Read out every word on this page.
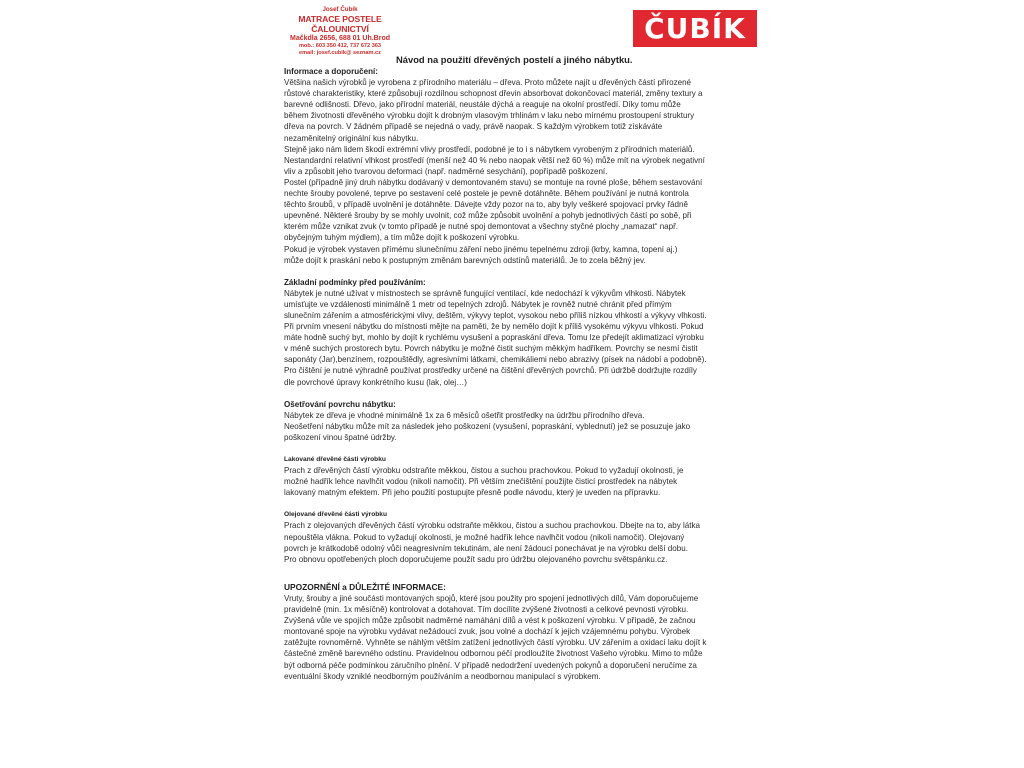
Josef Čubík
MATRACE POSTELE ČALOUNICTVÍ
Mačkdla 2656, 688 01 Uh.Brod
mob.: 603 350 412, 737 672 363
email: josef.cubik@ seznam.cz
ČUBÍK
Návod na použití dřevěných postelí a jiného nábytku.
Informace a doporučení:
Většina našich výrobků je vyrobena z přírodního materiálu – dřeva. Proto můžete najít u dřevěných částí přirozené
růstové charakteristiky, které způsobují rozdílnou schopnost dřevin absorbovat dokončovací materiál, změny textury a
barevné odlišnosti. Dřevo, jako přírodní materiál, neustále dýchá a reaguje na okolní prostředí. Díky tomu může
během životnosti dřevěného výrobku dojít k drobným vlasovým trhlinám v laku nebo mírnému prostoupení struktury
dřeva na povrch. V žádném případě se nejedná o vady, právě naopak. S každým výrobkem totiž získáváte
nezaměnitelný originální kus nábytku.
Stejně jako nám lidem škodí extrémní vlivy prostředí, podobné je to i s nábytkem vyrobeným z přírodních materiálů.
Nestandardní relativní vlhkost prostředí (menší než 40 % nebo naopak větší než 60 %) může mít na výrobek negativní
vliv a způsobit jeho tvarovou deformaci (např. nadměrné sesychání), popřípadě poškození.
Postel (případně jiný druh nábytku dodávaný v demontovaném stavu) se montuje na rovné ploše, během sestavování
nechte šrouby povolené, teprve po sestavení celé postele je pevně dotáhněte. Během používání je nutná kontrola
těchto šroubů, v případě uvolnění je dotáhněte. Dávejte vždy pozor na to, aby byly veškeré spojovací prvky řádně
upevněné. Některé šrouby by se mohly uvolnit, což může způsobit uvolnění a pohyb jednotlivých částí po sobě, při
kterém může vznikat zvuk (v tomto případě je nutné spoj demontovat a všechny styčné plochy „namazat“ např.
obyčejným tuhým mýdlem), a tím může dojít k poškození výrobku.
Pokud je výrobek vystaven přímému slunečnímu záření nebo jinému tepelnému zdroji (krby, kamna, topení aj.)
může dojít k praskání nebo k postupným změnám barevných odstínů materiálů. Je to zcela běžný jev.
Základní podmínky před používáním:
Nábytek je nutné užívat v místnostech se správně fungující ventilací, kde nedochází k výkyvům vlhkosti. Nábytek
umísťujte ve vzdálenosti minimálně 1 metr od tepelných zdrojů. Nábytek je rovněž nutné chránit před přímým
slunečním zářením a atmosférickými vlivy, deštěm, výkyvy teplot, vysokou nebo příliš nízkou vlhkostí a výkyvy vlhkosti.
Při prvním vnesení nábytku do místnosti mějte na paměti, že by nemělo dojít k příliš vysokému výkyvu vlhkosti. Pokud
máte hodně suchý byt, mohlo by dojít k rychlému vysušení a popraskání dřeva. Tomu lze předejít aklimatizací výrobku
v méně suchých prostorech bytu. Povrch nábytku je možné čistit suchým měkkým hadříkem. Povrchy se nesmí čistit
saponáty (Jar),benzínem, rozpouštědly, agresivními látkami, chemikáliemi nebo abrazivy (písek na nádobí a podobně).
Pro čištění je nutné výhradně používat prostředky určené na čištění dřevěných povrchů. Při údržbě dodržujte rozdíly
dle povrchové úpravy konkrétního kusu (lak, olej…)
Ošetřování povrchu nábytku:
Nábytek ze dřeva je vhodné minimálně 1x za 6 měsíců ošetřit prostředky na údržbu přírodního dřeva.
Neošetření nábytku může mít za následek jeho poškození (vysušení, popraskání, vyblednutí) jež se posuzuje jako
poškození vinou špatné údržby.
Lakované dřevěné části výrobku
Prach z dřevěných částí výrobku odstraňte měkkou, čistou a suchou prachovkou. Pokud to vyžadují okolnosti, je
možné hadřík lehce navlhčit vodou (nikoli namočit). Při větším znečištění použijte čisticí prostředek na nábytek
lakovaný matným efektem. Při jeho použití postupujte přesně podle návodu, který je uveden na přípravku.
Olejované dřevěné části výrobku
Prach z olejovaných dřevěných částí výrobku odstraňte měkkou, čistou a suchou prachovkou. Dbejte na to, aby látka
nepouštěla vlákna. Pokud to vyžadují okolnosti, je možné hadřík lehce navlhčit vodou (nikoli namočit). Olejovaný
povrch je krátkodobě odolný vůči neagresivním tekutinám, ale není žádoucí ponechávat je na výrobku delší dobu.
Pro obnovu opotřebených ploch doporučujeme použít sadu pro údržbu olejovaného povrchu světspánku.cz.
UPOZORNĚNÍ a DŮLEŽITÉ INFORMACE:
Vruty, šrouby a jiné součásti montovaných spojů, které jsou použity pro spojení jednotlivých dílů, Vám doporučujeme
pravidelně (min. 1x měsíčně) kontrolovat a dotahovat. Tím docílíte zvýšené životnosti a celkové pevnosti výrobku.
Zvýšená vůle ve spojích může způsobit nadměrné namáhání dílů a vést k poškození výrobku. V případě, že začnou
montované spoje na výrobku vydávat nežádoucí zvuk, jsou volné a dochází k jejich vzájemnému pohybu. Výrobek
zatěžujte rovnoměrně. Vyhněte se náhlým větším zatížení jednotlivých částí výrobku. UV zářením a oxidací laku dojít k
částečné změně barevného odstínu. Pravidelnou odbornou péčí prodloužíte životnost Vašeho výrobku. Mimo to může
být odborná péče podmínkou záručního plnění. V případě nedodržení uvedených pokynů a doporučení neručíme za
eventuální škody vzniklé neodborným používáním a neodbornou manipulací s výrobkem.
